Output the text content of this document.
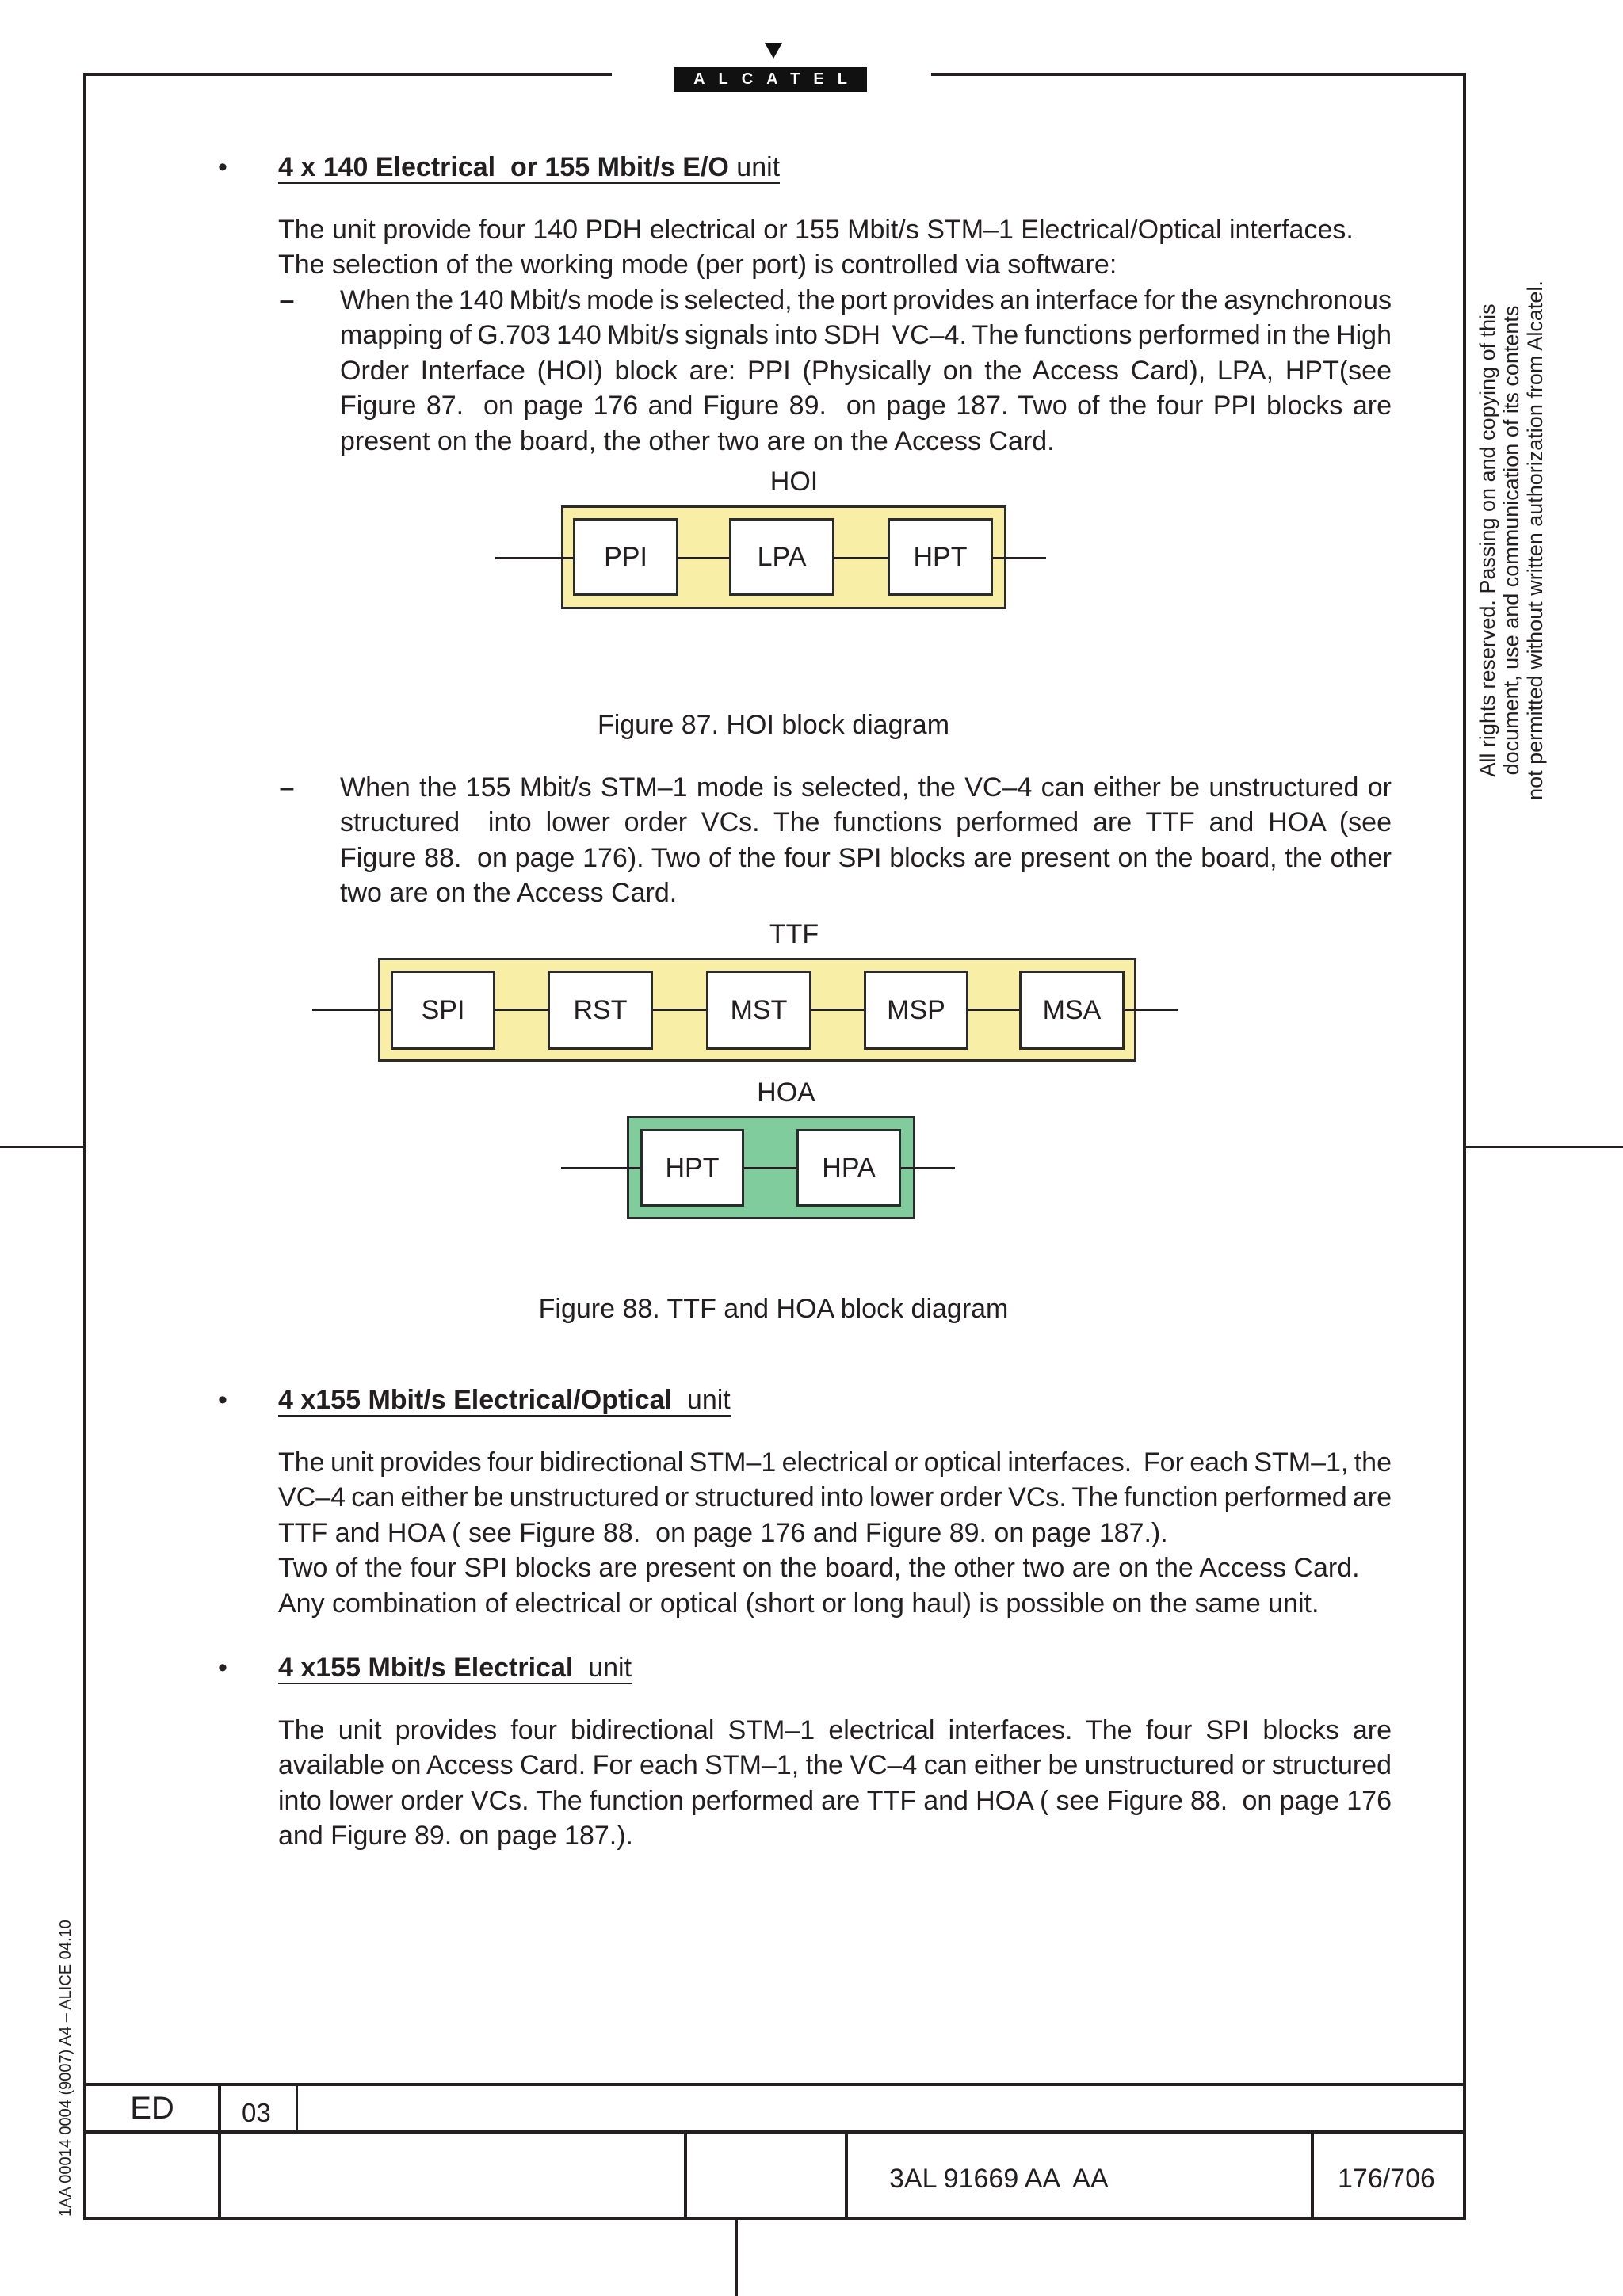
ALCATEL
All rights reserved. Passing on and copying of this document, use and communication of its contents not permitted without written authorization from Alcatel.
1AA 00014 0004 (9007) A4 – ALICE 04.10
• 4 x 140 Electrical  or 155 Mbit/s E/O unit
The unit provide four 140 PDH electrical or 155 Mbit/s STM–1 Electrical/Optical interfaces.
The selection of the working mode (per port) is controlled via software:
– When the 140 Mbit/s mode is selected, the port provides an interface for the asynchronous
mapping of G.703 140 Mbit/s signals into SDH  VC–4. The functions performed in the High
Order Interface (HOI) block are: PPI (Physically on the Access Card), LPA, HPT(see
Figure 87.  on page 176 and Figure 89.  on page 187. Two of the four PPI blocks are
present on the board, the other two are on the Access Card.
HOI
PPI	LPA	HPT
Figure 87. HOI block diagram
– When the 155 Mbit/s STM–1 mode is selected, the VC–4 can either be unstructured or
structured  into lower order VCs. The functions performed are TTF and HOA (see
Figure 88.  on page 176). Two of the four SPI blocks are present on the board, the other
two are on the Access Card.
TTF
SPI	RST	MST	MSP	MSA
HOA
HPT	HPA
Figure 88. TTF and HOA block diagram
• 4 x155 Mbit/s Electrical/Optical  unit
The unit provides four bidirectional STM–1 electrical or optical interfaces.  For each STM–1, the
VC–4 can either be unstructured or structured into lower order VCs. The function performed are
TTF and HOA ( see Figure 88.  on page 176 and Figure 89. on page 187.).
Two of the four SPI blocks are present on the board, the other two are on the Access Card.
Any combination of electrical or optical (short or long haul) is possible on the same unit.
• 4 x155 Mbit/s Electrical  unit
The unit provides four bidirectional STM–1 electrical interfaces. The four SPI blocks are
available on Access Card. For each STM–1, the VC–4 can either be unstructured or structured
into lower order VCs. The function performed are TTF and HOA ( see Figure 88.  on page 176
and Figure 89. on page 187.).
ED	03
3AL 91669 AA  AA	176/706
